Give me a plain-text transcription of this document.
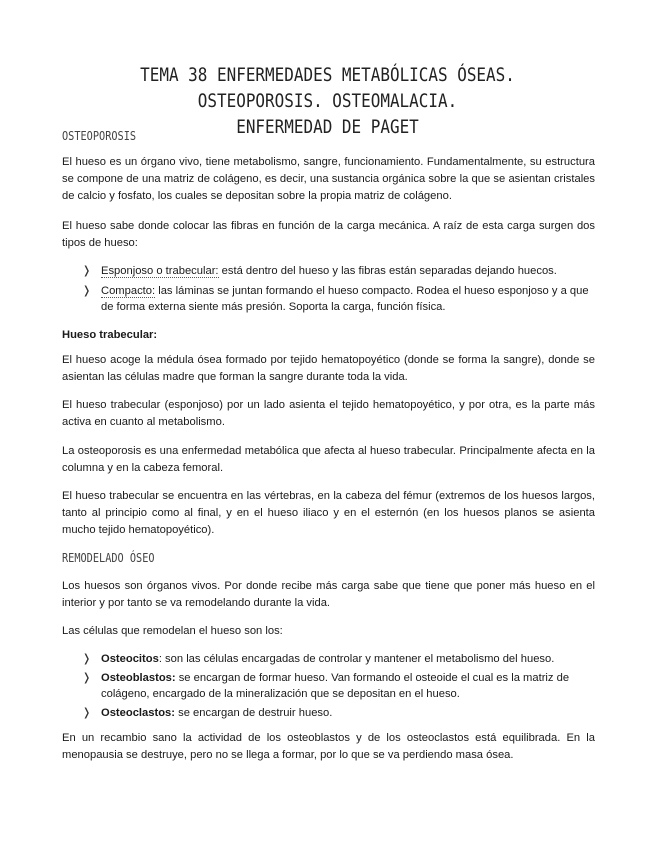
TEMA 38 ENFERMEDADES METABÓLICAS ÓSEAS. OSTEOPOROSIS. OSTEOMALACIA.
ENFERMEDAD DE PAGET
OSTEOPOROSIS
El hueso es un órgano vivo, tiene metabolismo, sangre, funcionamiento. Fundamentalmente, su estructura se compone de una matriz de colágeno, es decir, una sustancia orgánica sobre la que se asientan cristales de calcio y fosfato, los cuales se depositan sobre la propia matriz de colágeno.
El hueso sabe donde colocar las fibras en función de la carga mecánica. A raíz de esta carga surgen dos tipos de hueso:
❭ Esponjoso o trabecular: está dentro del hueso y las fibras están separadas dejando huecos.
❭ Compacto: las láminas se juntan formando el hueso compacto. Rodea el hueso esponjoso y a que de forma externa siente más presión. Soporta la carga, función física.
Hueso trabecular:
El hueso acoge la médula ósea formado por tejido hematopoyético (donde se forma la sangre), donde se asientan las células madre que forman la sangre durante toda la vida.
El hueso trabecular (esponjoso) por un lado asienta el tejido hematopoyético, y por otra, es la parte más activa en cuanto al metabolismo.
La osteoporosis es una enfermedad metabólica que afecta al hueso trabecular. Principalmente afecta en la columna y en la cabeza femoral.
El hueso trabecular se encuentra en las vértebras, en la cabeza del fémur (extremos de los huesos largos, tanto al principio como al final, y en el hueso iliaco y en el esternón (en los huesos planos se asienta mucho tejido hematopoyético).
REMODELADO ÓSEO
Los huesos son órganos vivos. Por donde recibe más carga sabe que tiene que poner más hueso en el interior y por tanto se va remodelando durante la vida.
Las células que remodelan el hueso son los:
❭ Osteocitos: son las células encargadas de controlar y mantener el metabolismo del hueso.
❭ Osteoblastos: se encargan de formar hueso. Van formando el osteoide el cual es la matriz de colágeno, encargado de la mineralización que se depositan en el hueso.
❭ Osteoclastos: se encargan de destruir hueso.
En un recambio sano la actividad de los osteoblastos y de los osteoclastos está equilibrada. En la menopausia se destruye, pero no se llega a formar, por lo que se va perdiendo masa ósea.
